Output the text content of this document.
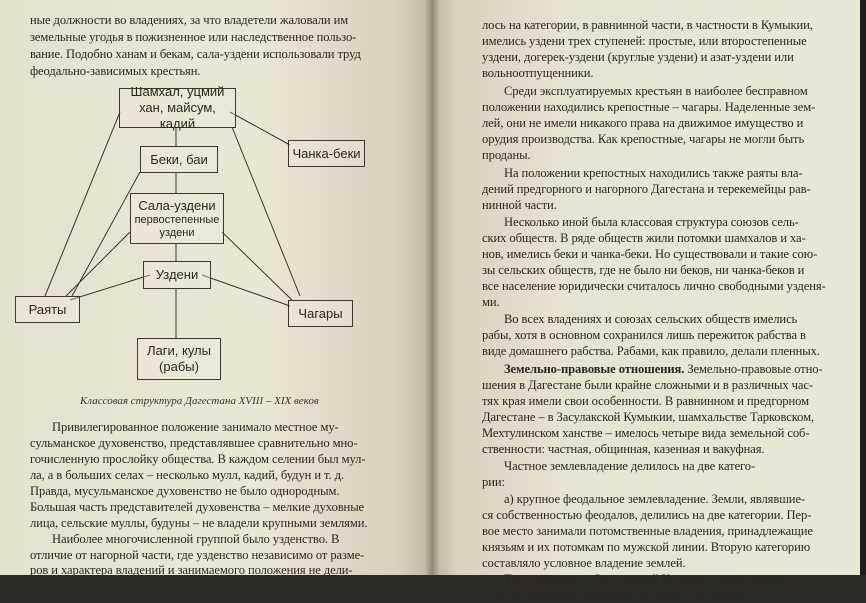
ные должности во владениях, за что владетели жаловали им
земельные угодья в пожизненное или наследственное пользо-
вание. Подобно ханам и бекам, сала-уздени использовали труд
феодально-зависимых крестьян.
Шамхал, уцмий
хан, майсум, кадий
Беки, баи	Чанка-беки
Сала-уздени
первостепенные
уздени
Уздени
Раяты	Чагары
Лаги, кулы
(рабы)
Классовая структура Дагестана XVIII – XIX веков
Привилегированное положение занимало местное му-
сульманское духовенство, представлявшее сравнительно мно-
гочисленную прослойку общества. В каждом селении был мул-
ла, а в больших селах – несколько мулл, кадий, будун и т. д.
Правда, мусульманское духовенство не было однородным.
Большая часть представителей духовенства – мелкие духовные
лица, сельские муллы, будуны – не владели крупными землями.
Наиболее многочисленной группой было узденство. В
отличие от нагорной части, где узденство независимо от разме-
ров и характера владений и занимаемого положения не дели-
лось на категории, в равнинной части, в частности в Кумыкии,
имелись уздени трех ступеней: простые, или второстепенные
уздени, догерек-уздени (круглые уздени) и азат-уздени или
вольноотпущенники.
Среди эксплуатируемых крестьян в наиболее бесправном
положении находились крепостные – чагары. Наделенные зем-
лей, они не имели никакого права на движимое имущество и
орудия производства. Как крепостные, чагары не могли быть
проданы.
На положении крепостных находились также раяты вла-
дений предгорного и нагорного Дагестана и терекемейцы рав-
нинной части.
Несколько иной была классовая структура союзов сель-
ских обществ. В ряде обществ жили потомки шамхалов и ха-
нов, имелись беки и чанка-беки. Но существовали и такие сою-
зы сельских обществ, где не было ни беков, ни чанка-беков и
все население юридически считалось лично свободными узденя-
ми.
Во всех владениях и союзах сельских обществ имелись
рабы, хотя в основном сохранился лишь пережиток рабства в
виде домашнего рабства. Рабами, как правило, делали пленных.
Земельно-правовые отношения. Земельно-правовые отно-
шения в Дагестане были крайне сложными и в различных час-
тях края имели свои особенности. В равнинном и предгорном
Дагестане – в Засулакской Кумыкии, шамхальстве Тарковском,
Мехтулинском ханстве – имелось четыре вида земельной соб-
ственности: частная, общинная, казенная и вакуфная.
Частное землевладение делилось на две катего-
рии:
а) крупное феодальное землевладение. Земли, являвшие-
ся собственностью феодалов, делились на две категории. Пер-
вое место занимали потомственные владения, принадлежащие
князьям и их потомкам по мужской линии. Вторую категорию
составляло условное владение землей.
Так, например, в Засулакской Кумыкии князья ратовали
за безоговорочное признание за ними всех земель.
